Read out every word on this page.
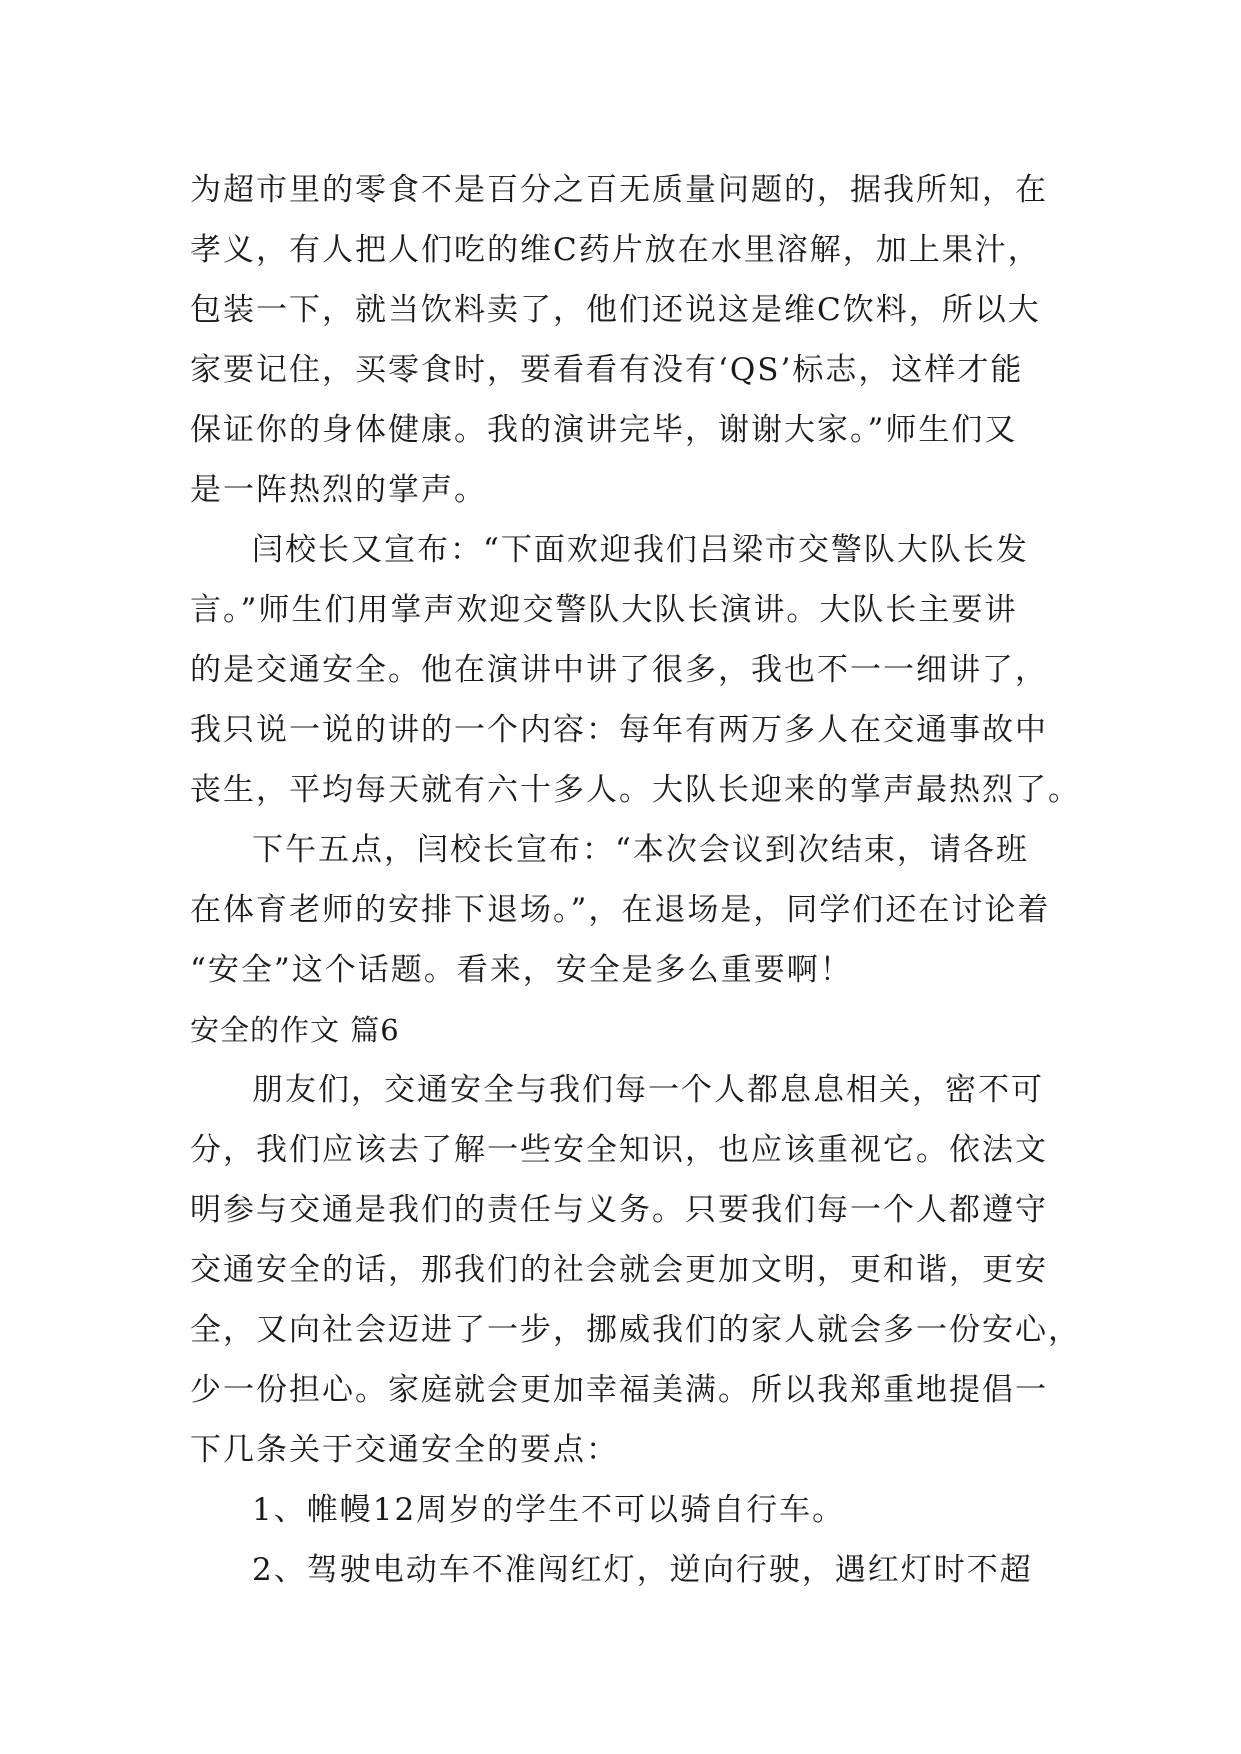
为超市里的零食不是百分之百无质量问题的，据我所知，在
孝义，有人把人们吃的维C药片放在水里溶解，加上果汁，
包装一下，就当饮料卖了，他们还说这是维C饮料，所以大
家要记住，买零食时，要看看有没有‘QS’标志，这样才能
保证你的身体健康。我的演讲完毕，谢谢大家。”师生们又
是一阵热烈的掌声。
闫校长又宣布：“下面欢迎我们吕梁市交警队大队长发
言。”师生们用掌声欢迎交警队大队长演讲。大队长主要讲
的是交通安全。他在演讲中讲了很多，我也不一一细讲了，
我只说一说的讲的一个内容：每年有两万多人在交通事故中
丧生，平均每天就有六十多人。大队长迎来的掌声最热烈了。
下午五点，闫校长宣布：“本次会议到次结束，请各班
在体育老师的安排下退场。”，在退场是，同学们还在讨论着
“安全”这个话题。看来，安全是多么重要啊！
安全的作文 篇6
朋友们，交通安全与我们每一个人都息息相关，密不可
分，我们应该去了解一些安全知识，也应该重视它。依法文
明参与交通是我们的责任与义务。只要我们每一个人都遵守
交通安全的话，那我们的社会就会更加文明，更和谐，更安
全，又向社会迈进了一步，挪威我们的家人就会多一份安心，
少一份担心。家庭就会更加幸福美满。所以我郑重地提倡一
下几条关于交通安全的要点：
1、帷幔12周岁的学生不可以骑自行车。
2、驾驶电动车不准闯红灯，逆向行驶，遇红灯时不超
